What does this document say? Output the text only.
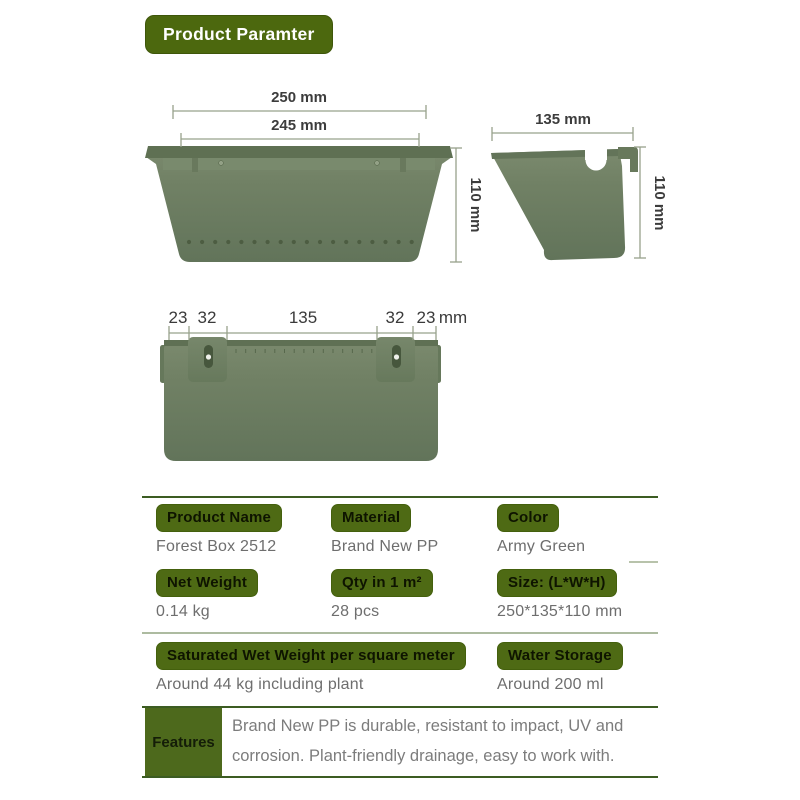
Product Paramter
250 mm
245 mm
110 mm
135 mm
110 mm
23 32	135	32 23 mm
Product Name	Material	Color
Forest Box 2512	Brand New PP	Army Green
Net Weight	Qty in 1 m²	Size: (L*W*H)
0.14 kg	28 pcs	250*135*110 mm
Saturated Wet Weight per square meter	Water Storage
Around 44 kg including plant	Around 200 ml
Features
Brand New PP is durable, resistant to impact, UV and corrosion. Plant-friendly drainage, easy to work with.
